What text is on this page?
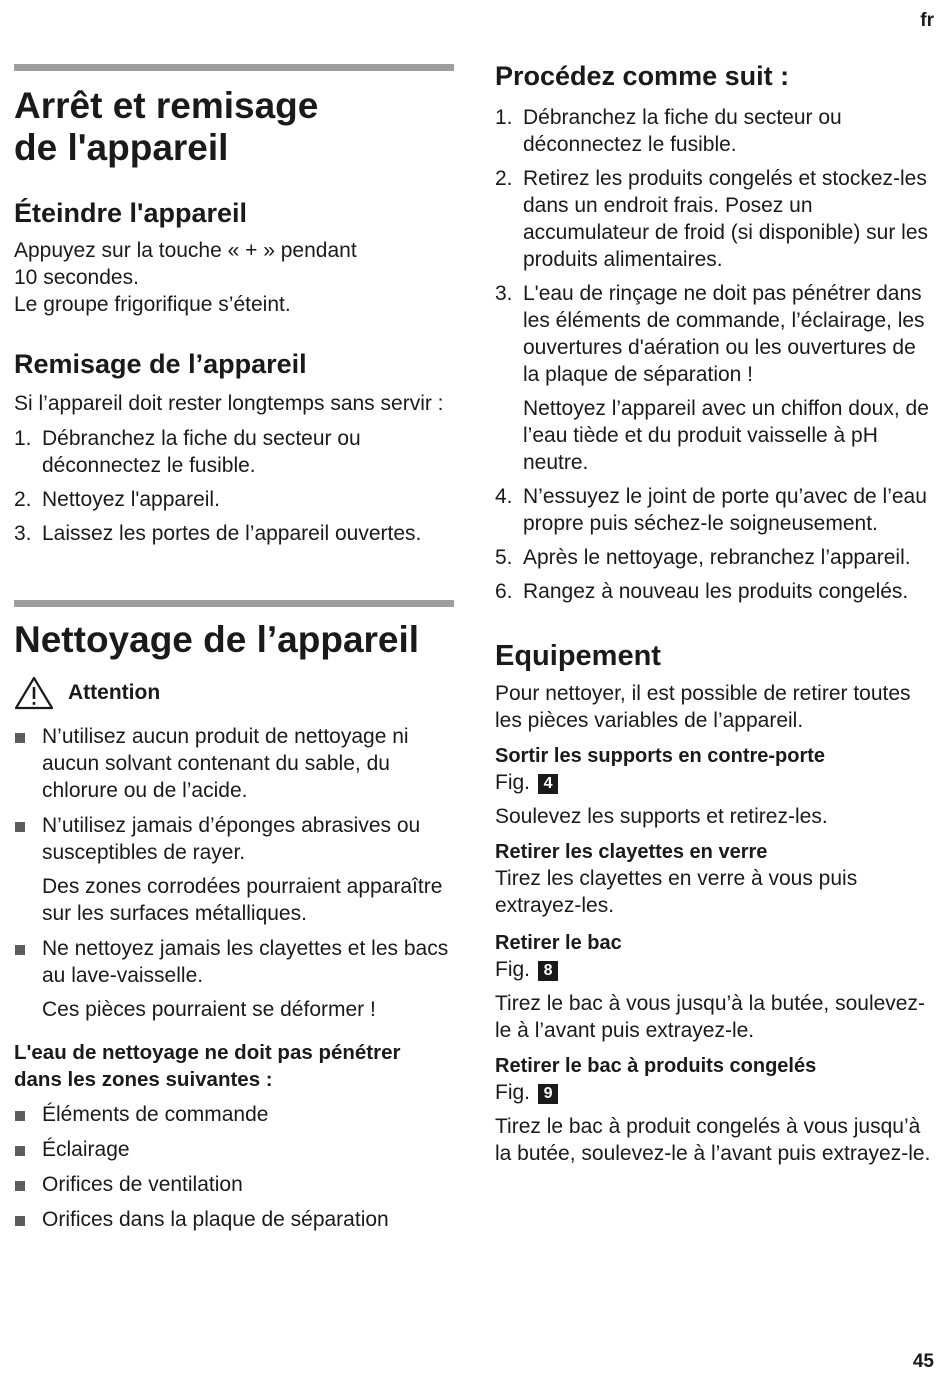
fr
Arrêt et remisage
de l'appareil
Éteindre l'appareil
Appuyez sur la touche « + » pendant
10 secondes.
Le groupe frigorifique s’éteint.
Remisage de l’appareil
Si l’appareil doit rester longtemps sans servir :
1. Débranchez la fiche du secteur ou déconnectez le fusible.
2. Nettoyez l'appareil.
3. Laissez les portes de l’appareil ouvertes.
Nettoyage de l’appareil
Attention
N’utilisez aucun produit de nettoyage ni aucun solvant contenant du sable, du chlorure ou de l’acide.
N’utilisez jamais d’éponges abrasives ou susceptibles de rayer.
Des zones corrodées pourraient apparaître sur les surfaces métalliques.
Ne nettoyez jamais les clayettes et les bacs au lave-vaisselle.
Ces pièces pourraient se déformer !
L'eau de nettoyage ne doit pas pénétrer dans les zones suivantes :
Éléments de commande
Éclairage
Orifices de ventilation
Orifices dans la plaque de séparation
Procédez comme suit :
1. Débranchez la fiche du secteur ou déconnectez le fusible.
2. Retirez les produits congelés et stockez-les dans un endroit frais. Posez un accumulateur de froid (si disponible) sur les produits alimentaires.
3. L'eau de rinçage ne doit pas pénétrer dans les éléments de commande, l’éclairage, les ouvertures d'aération ou les ouvertures de la plaque de séparation !
Nettoyez l’appareil avec un chiffon doux, de l’eau tiède et du produit vaisselle à pH neutre.
4. N’essuyez le joint de porte qu’avec de l’eau propre puis séchez-le soigneusement.
5. Après le nettoyage, rebranchez l’appareil.
6. Rangez à nouveau les produits congelés.
Equipement
Pour nettoyer, il est possible de retirer toutes les pièces variables de l’appareil.
Sortir les supports en contre-porte
Fig. 4
Soulevez les supports et retirez-les.
Retirer les clayettes en verre
Tirez les clayettes en verre à vous puis extrayez-les.
Retirer le bac
Fig. 8
Tirez le bac à vous jusqu’à la butée, soulevez-le à l’avant puis extrayez-le.
Retirer le bac à produits congelés
Fig. 9
Tirez le bac à produit congelés à vous jusqu’à la butée, soulevez-le à l’avant puis extrayez-le.
45
